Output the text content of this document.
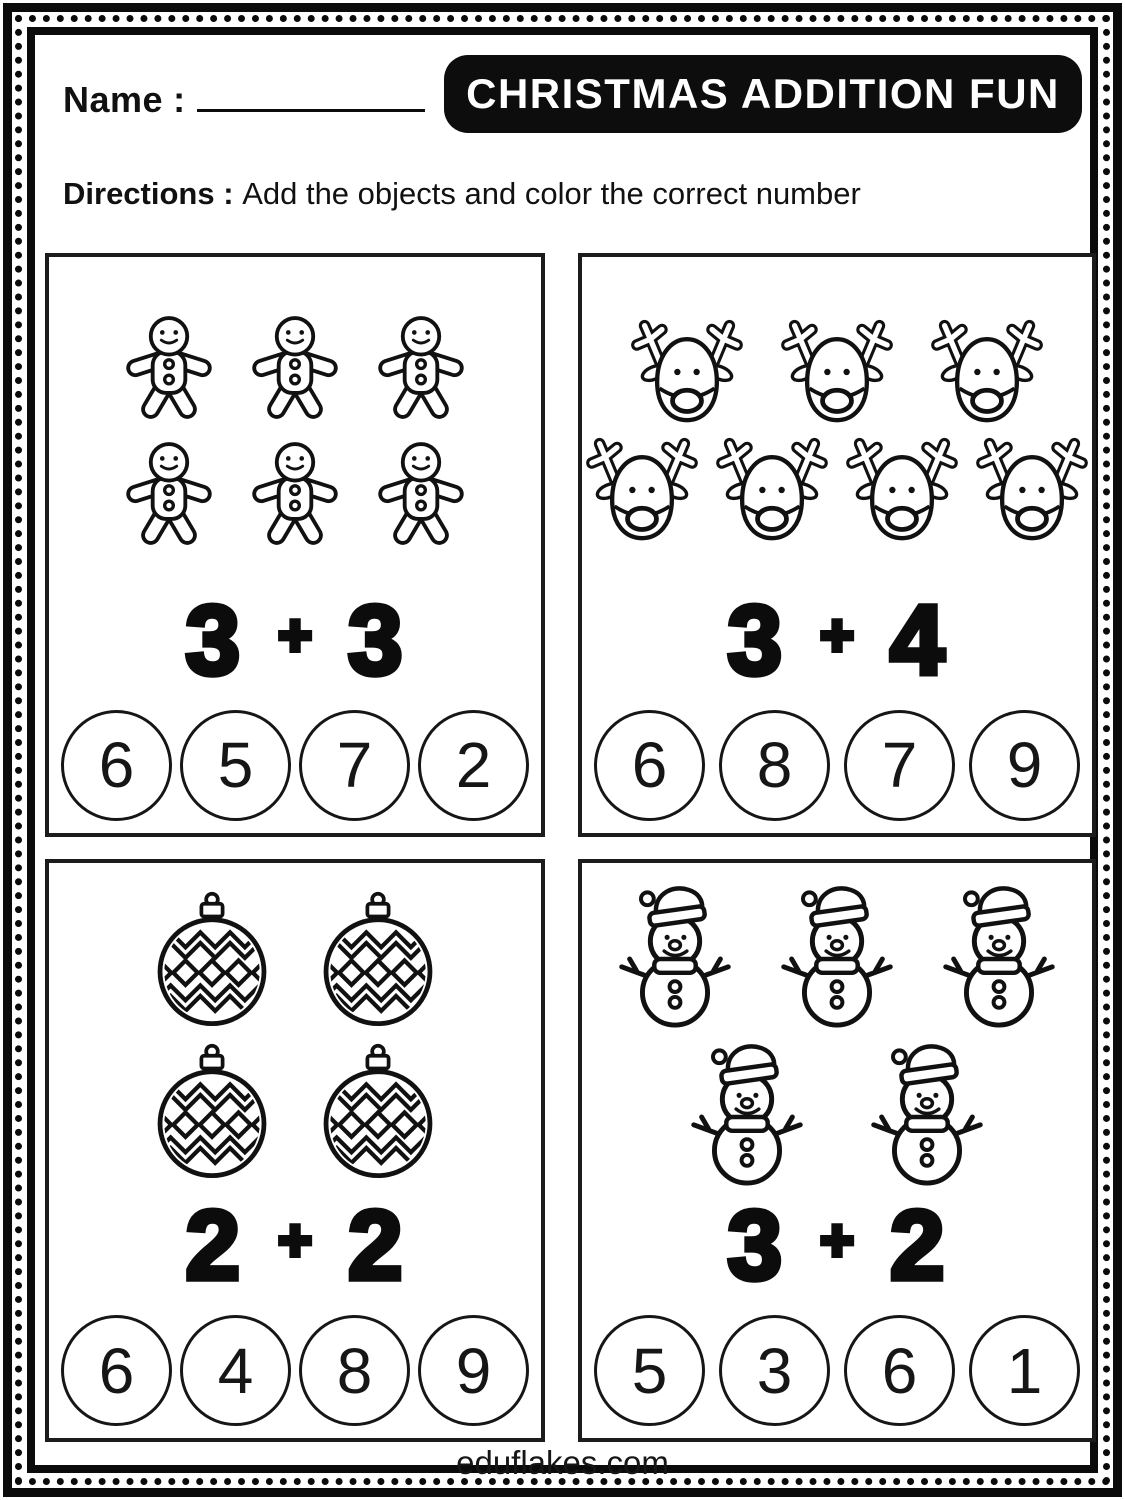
Name :	CHRISTMAS ADDITION FUN
Directions : Add the objects and color the correct number
3 + 3
6	5	7	2
3 + 4
6	8	7	9
2 + 2
6	4	8	9
3 + 2
5	3	6	1
eduflakes.com
